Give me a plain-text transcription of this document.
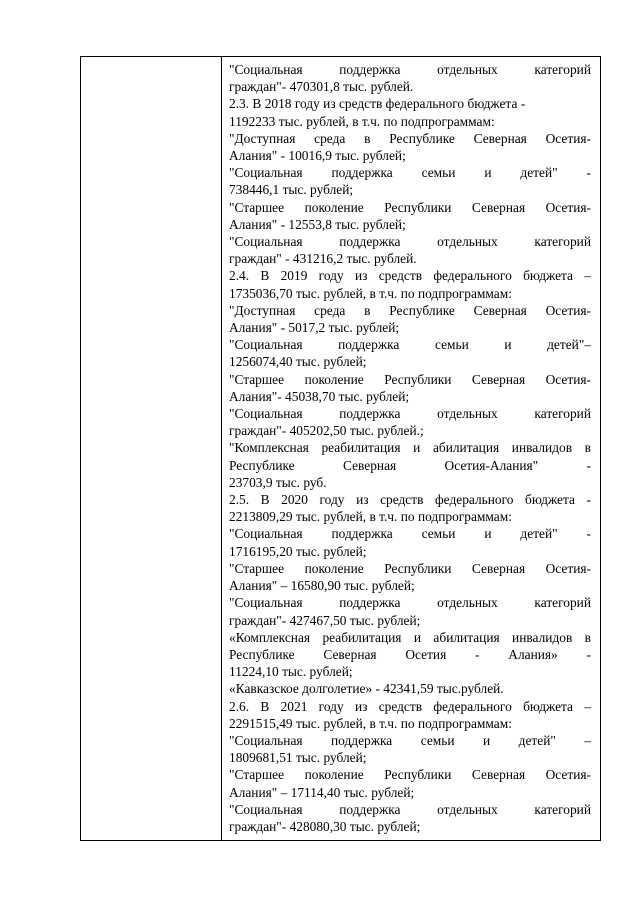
"Социальная поддержка отдельных категорий
граждан"- 470301,8 тыс. рублей.
2.3. В 2018 году из средств федерального бюджета -
1192233 тыс. рублей, в т.ч. по подпрограммам:
"Доступная среда в Республике Северная Осетия-
Алания" - 10016,9 тыс. рублей;
"Социальная поддержка семьи и детей" -
738446,1 тыс. рублей;
"Старшее поколение Республики Северная Осетия-
Алания" - 12553,8 тыс. рублей;
"Социальная поддержка отдельных категорий
граждан" - 431216,2 тыс. рублей.
2.4. В 2019 году из средств федерального бюджета –
1735036,70 тыс. рублей, в т.ч. по подпрограммам:
"Доступная среда в Республике Северная Осетия-
Алания" - 5017,2 тыс. рублей;
"Социальная поддержка семьи и детей"–
1256074,40 тыс. рублей;
"Старшее поколение Республики Северная Осетия-
Алания"- 45038,70 тыс. рублей;
"Социальная поддержка отдельных категорий
граждан"- 405202,50 тыс. рублей.;
"Комплексная реабилитация и абилитация инвалидов в
Республике Северная Осетия-Алания" -
23703,9 тыс. руб.
2.5. В 2020 году из средств федерального бюджета -
2213809,29 тыс. рублей, в т.ч. по подпрограммам:
"Социальная поддержка семьи и детей" -
1716195,20 тыс. рублей;
"Старшее поколение Республики Северная Осетия-
Алания" – 16580,90 тыс. рублей;
"Социальная поддержка отдельных категорий
граждан"- 427467,50 тыс. рублей;
«Комплексная реабилитация и абилитация инвалидов в
Республике Северная Осетия - Алания» -
11224,10 тыс. рублей;
«Кавказское долголетие» - 42341,59 тыс.рублей.
2.6. В 2021 году из средств федерального бюджета –
2291515,49 тыс. рублей, в т.ч. по подпрограммам:
"Социальная поддержка семьи и детей" –
1809681,51 тыс. рублей;
"Старшее поколение Республики Северная Осетия-
Алания" – 17114,40 тыс. рублей;
"Социальная поддержка отдельных категорий
граждан"- 428080,30 тыс. рублей;
